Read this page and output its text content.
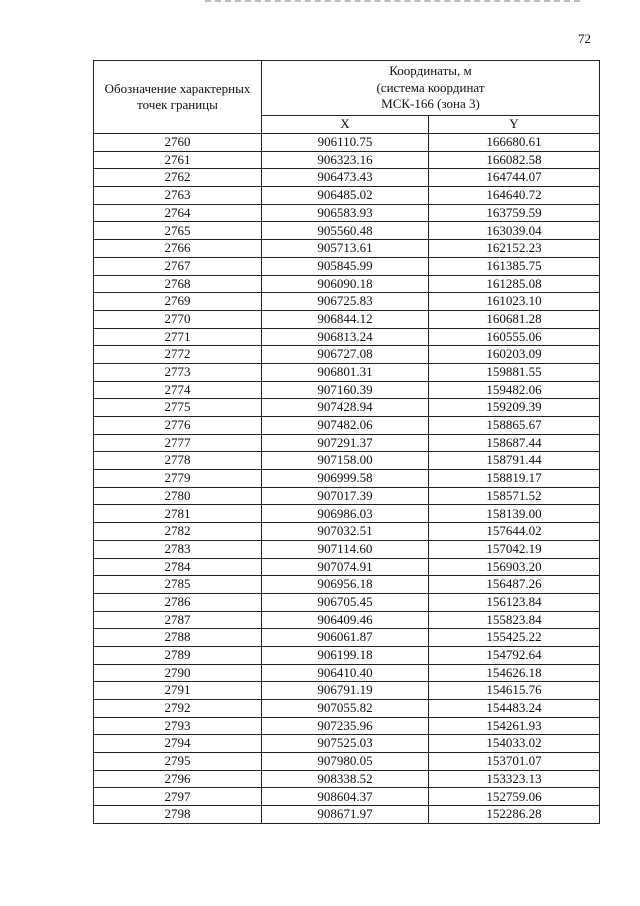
72
Обозначение характерных точек границы	Координаты, м
(система координат
МСК-166 (зона 3)	

	X	Y
2760	906110.75	166680.61
2761	906323.16	166082.58
2762	906473.43	164744.07
2763	906485.02	164640.72
2764	906583.93	163759.59
2765	905560.48	163039.04
2766	905713.61	162152.23
2767	905845.99	161385.75
2768	906090.18	161285.08
2769	906725.83	161023.10
2770	906844.12	160681.28
2771	906813.24	160555.06
2772	906727.08	160203.09
2773	906801.31	159881.55
2774	907160.39	159482.06
2775	907428.94	159209.39
2776	907482.06	158865.67
2777	907291.37	158687.44
2778	907158.00	158791.44
2779	906999.58	158819.17
2780	907017.39	158571.52
2781	906986.03	158139.00
2782	907032.51	157644.02
2783	907114.60	157042.19
2784	907074.91	156903.20
2785	906956.18	156487.26
2786	906705.45	156123.84
2787	906409.46	155823.84
2788	906061.87	155425.22
2789	906199.18	154792.64
2790	906410.40	154626.18
2791	906791.19	154615.76
2792	907055.82	154483.24
2793	907235.96	154261.93
2794	907525.03	154033.02
2795	907980.05	153701.07
2796	908338.52	153323.13
2797	908604.37	152759.06
2798	908671.97	152286.28
